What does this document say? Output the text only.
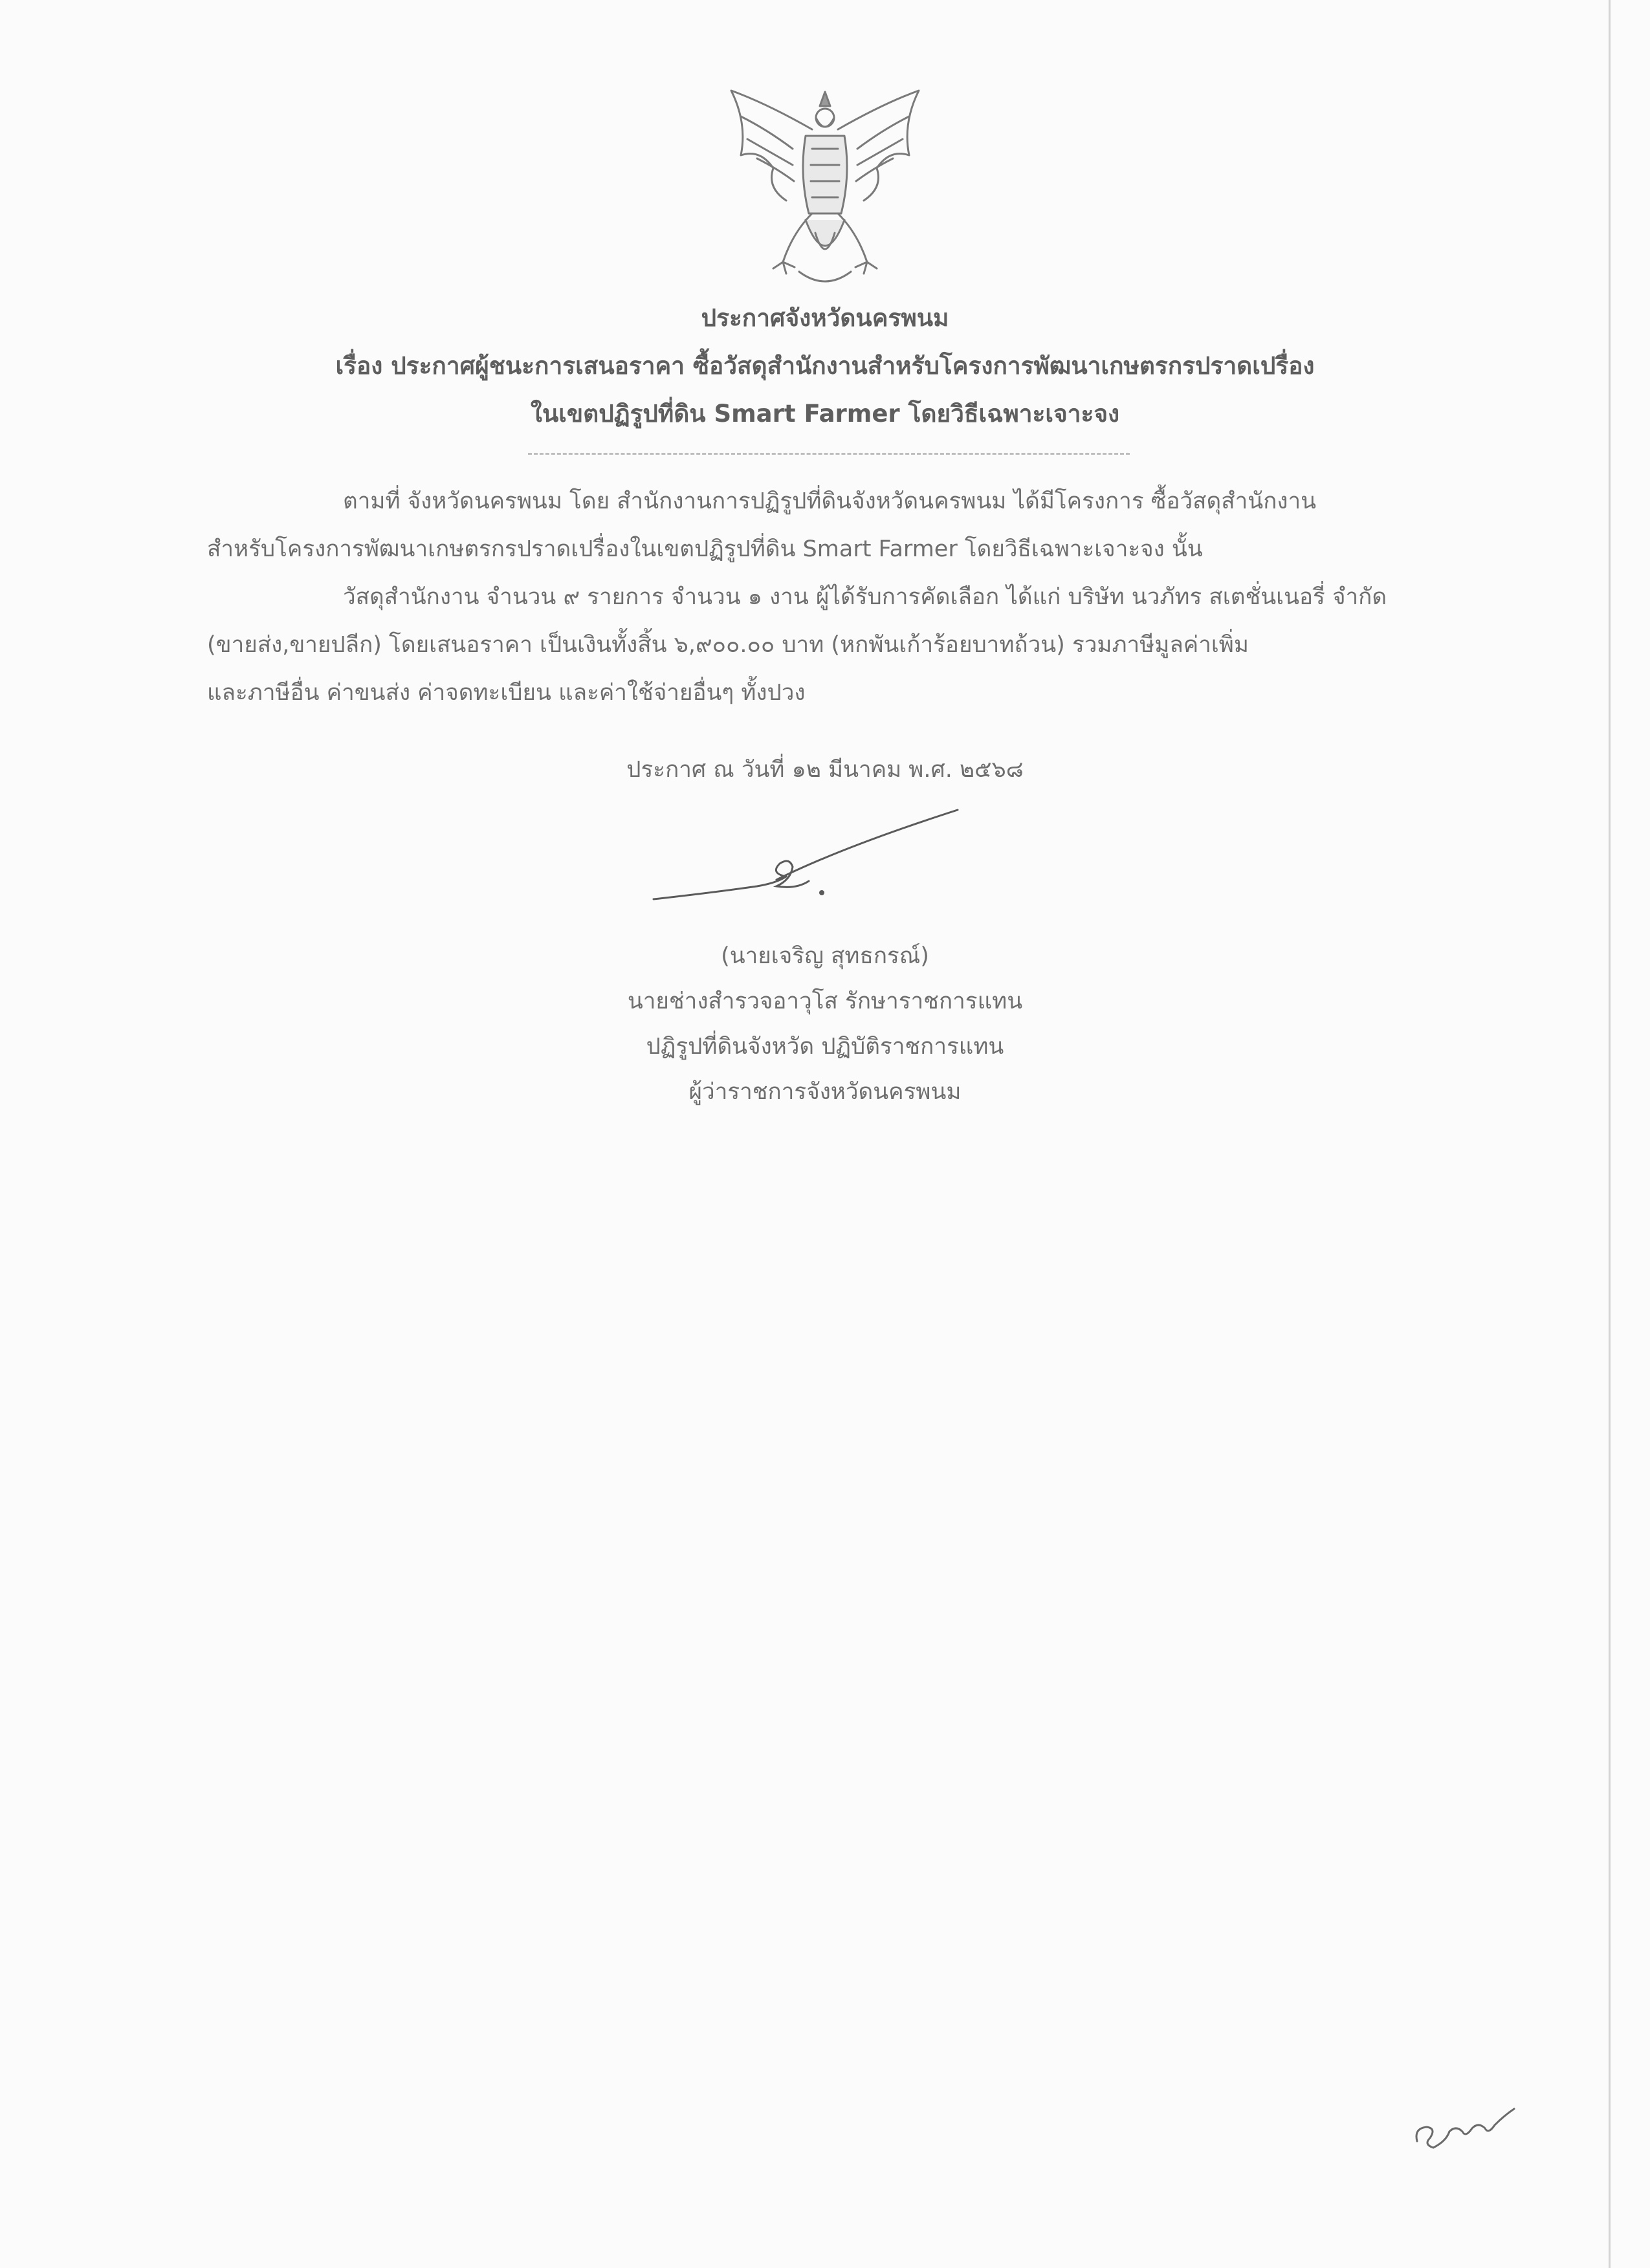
ประกาศจังหวัดนครพนม
เรื่อง ประกาศผู้ชนะการเสนอราคา ซื้อวัสดุสำนักงานสำหรับโครงการพัฒนาเกษตรกรปราดเปรื่อง
ในเขตปฏิรูปที่ดิน Smart Farmer โดยวิธีเฉพาะเจาะจง
ตามที่ จังหวัดนครพนม โดย สำนักงานการปฏิรูปที่ดินจังหวัดนครพนม ได้มีโครงการ ซื้อวัสดุสำนักงาน
สำหรับโครงการพัฒนาเกษตรกรปราดเปรื่องในเขตปฏิรูปที่ดิน Smart Farmer โดยวิธีเฉพาะเจาะจง นั้น
วัสดุสำนักงาน จำนวน ๙ รายการ จำนวน ๑ งาน ผู้ได้รับการคัดเลือก ได้แก่ บริษัท นวภัทร สเตชั่นเนอรี่ จำกัด
(ขายส่ง,ขายปลีก) โดยเสนอราคา เป็นเงินทั้งสิ้น ๖,๙๐๐.๐๐ บาท (หกพันเก้าร้อยบาทถ้วน) รวมภาษีมูลค่าเพิ่ม
และภาษีอื่น ค่าขนส่ง ค่าจดทะเบียน และค่าใช้จ่ายอื่นๆ ทั้งปวง
ประกาศ ณ วันที่ ๑๒ มีนาคม พ.ศ. ๒๕๖๘
(นายเจริญ สุทธกรณ์)
นายช่างสำรวจอาวุโส รักษาราชการแทน
ปฏิรูปที่ดินจังหวัด ปฏิบัติราชการแทน
ผู้ว่าราชการจังหวัดนครพนม
